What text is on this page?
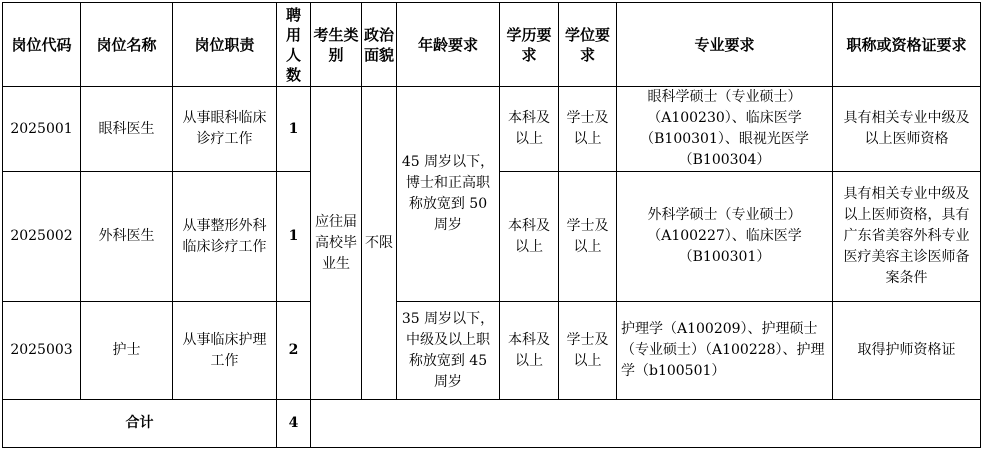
岗位代码	岗位名称	岗位职责	聘用人数	考生类别	政治面貌	年龄要求	学历要求	学位要求	专业要求	职称或资格证要求
2025001	眼科医生	从事眼科临床诊疗工作	1	应往届高校毕业生	不限	45 周岁以下，博士和正高职称放宽到 50 周岁	本科及以上	学士及以上	眼科学硕士（专业硕士）（A100230）、临床医学（B100301）、眼视光医学（B100304）	具有相关专业中级及以上医师资格
2025002	外科医生	从事整形外科临床诊疗工作	1				本科及以上	学士及以上	外科学硕士（专业硕士）（A100227）、临床医学（B100301）	具有相关专业中级及以上医师资格，具有广东省美容外科专业医疗美容主诊医师备案条件
2025003	护士	从事临床护理工作	2			35 周岁以下，中级及以上职称放宽到 45 周岁	本科及以上	学士及以上	护理学（A100209）、护理硕士（专业硕士）（A100228）、护理学（b100501）	取得护师资格证
合计			4							
